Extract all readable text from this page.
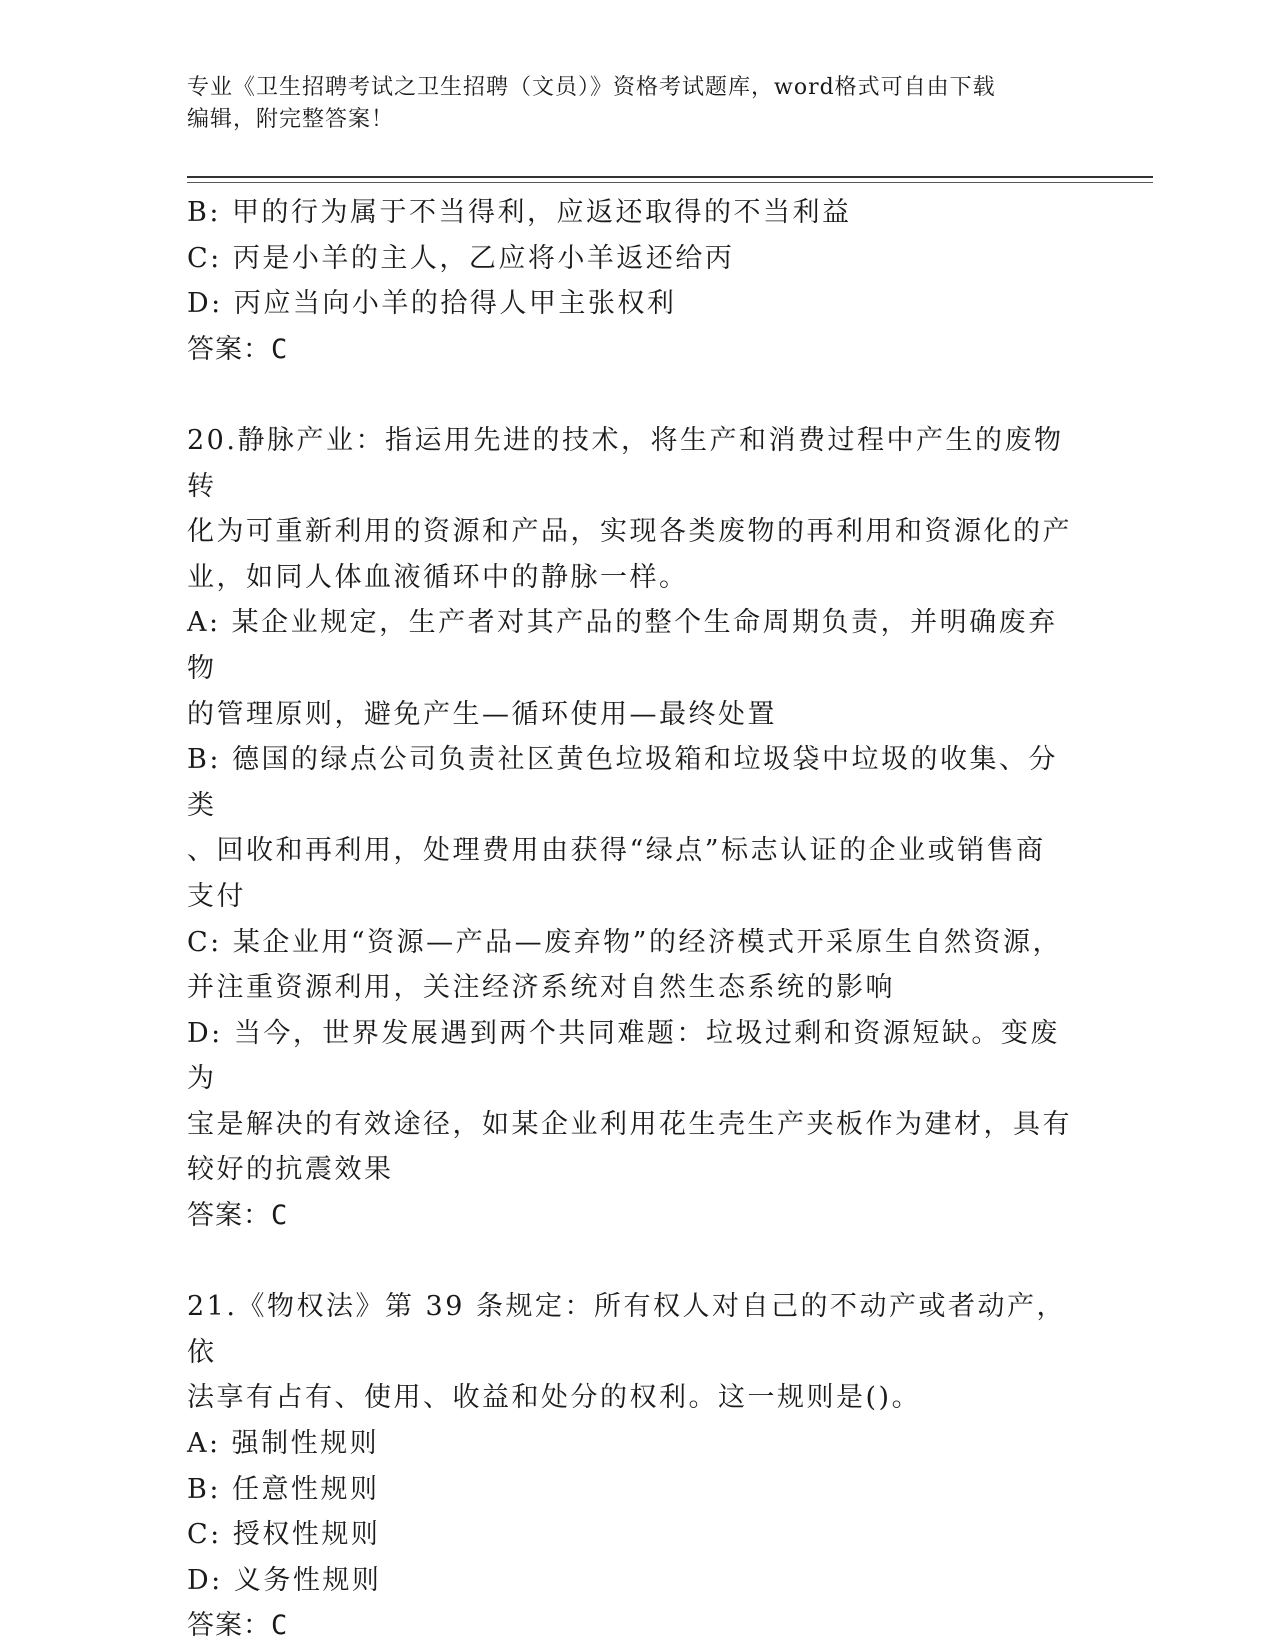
专业《卫生招聘考试之卫生招聘（文员）》资格考试题库，word格式可自由下载
编辑，附完整答案！

B: 甲的行为属于不当得利，应返还取得的不当利益

C: 丙是小羊的主人，乙应将小羊返还给丙

D: 丙应当向小羊的拾得人甲主张权利

答案：C

20.静脉产业：指运用先进的技术，将生产和消费过程中产生的废物转

化为可重新利用的资源和产品，实现各类废物的再利用和资源化的产

业，如同人体血液循环中的静脉一样。

A: 某企业规定，生产者对其产品的整个生命周期负责，并明确废弃物

的管理原则，避免产生—循环使用—最终处置

B: 德国的绿点公司负责社区黄色垃圾箱和垃圾袋中垃圾的收集、分类

、回收和再利用，处理费用由获得“绿点”标志认证的企业或销售商

支付

C: 某企业用“资源—产品—废弃物”的经济模式开采原生自然资源，

并注重资源利用，关注经济系统对自然生态系统的影响

D: 当今，世界发展遇到两个共同难题：垃圾过剩和资源短缺。变废为

宝是解决的有效途径，如某企业利用花生壳生产夹板作为建材，具有

较好的抗震效果

答案：C

21.《物权法》第 39 条规定：所有权人对自己的不动产或者动产，依

法享有占有、使用、收益和处分的权利。这一规则是()。

A: 强制性规则

B: 任意性规则

C: 授权性规则

D: 义务性规则

答案：C
